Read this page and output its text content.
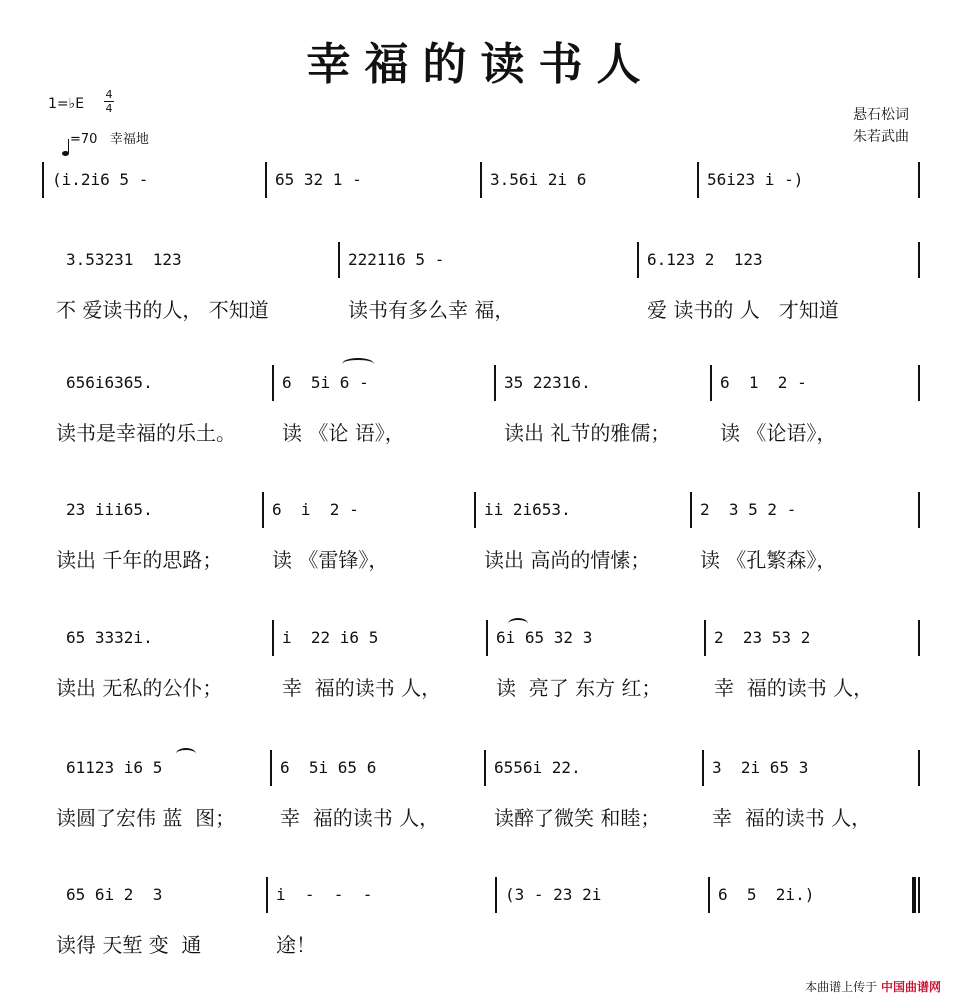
幸福的读书人
1=♭E
4
4
=70 幸福地
悬石松词
朱若武曲
(i.2i6 5 -	65 32 1 -	3.56i 2i 6	56i23 i -)
3.53231  123	222116 5 -	6.123 2  123
不 爱读书的人， 不知道	读书有多么幸 福，	爱 读书的 人   才知道
656i6365.	6  5i 6 -	35 22316.	6  1  2 -
读书是幸福的乐土。 读 《论 语》，	读出 礼节的雅儒； 读 《论语》，
23 iii65.	6  i  2 -	ii 2i653.	2  3 5 2 -
读出 千年的思路； 读 《雷锋》，	读出 高尚的情愫； 读 《孔繁森》，
65 3332i.	i  22 i6 5	6i 65 32 3	2  23 53 2
读出 无私的公仆；	幸  福的读书 人，	读  亮了 东方 红；	幸  福的读书 人，
61123 i6 5	6  5i 65 6	6556i 22.	3  2i 65 3
读圆了宏伟 蓝  图； 幸  福的读书 人，	读醉了微笑 和睦；	幸  福的读书 人，
65 6i 2  3	i  -  -  -	(3 - 23 2i	6  5  2i.)
读得 天堑 变  通	途！
本曲谱上传于 中国曲谱网
